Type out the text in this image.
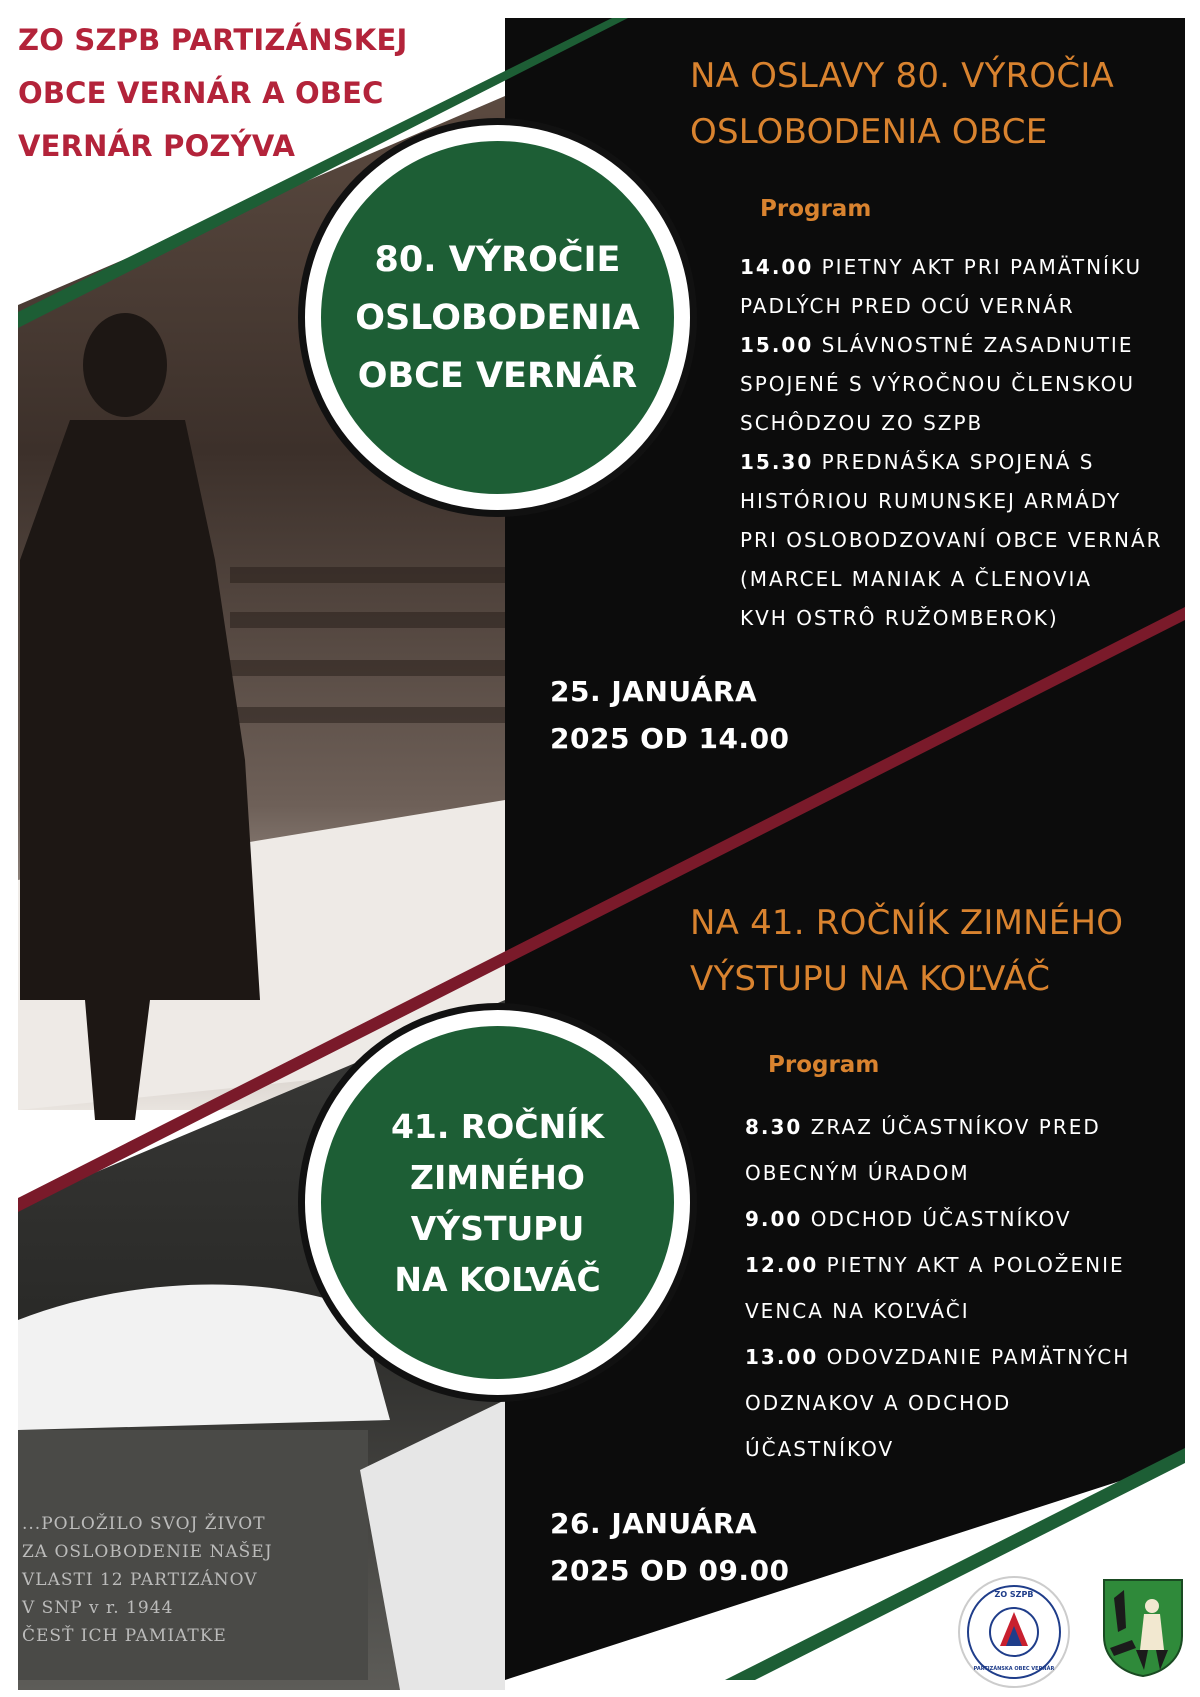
...POLOŽILO SVOJ ŽIVOT
ZA OSLOBODENIE NAŠEJ
VLASTI 12 PARTIZÁNOV
V SNP v r. 1944
ČESŤ ICH PAMIATKE
ZO SZPB PARTIZÁNSKEJ
OBCE VERNÁR A OBEC
VERNÁR POZÝVA
NA OSLAVY 80. VÝROČIA
OSLOBODENIA OBCE
80. VÝROČIE
OSLOBODENIA
OBCE VERNÁR
Program
14.00 PIETNY AKT PRI PAMÄTNÍKU
PADLÝCH PRED OCÚ VERNÁR
15.00 SLÁVNOSTNÉ ZASADNUTIE
SPOJENÉ S VÝROČNOU ČLENSKOU
SCHÔDZOU ZO SZPB
15.30 PREDNÁŠKA SPOJENÁ S
HISTÓRIOU RUMUNSKEJ ARMÁDY
PRI OSLOBODZOVANÍ OBCE VERNÁR
(MARCEL MANIAK A ČLENOVIA
KVH OSTRÔ RUŽOMBEROK)
25. JANUÁRA
2025 OD 14.00
NA 41. ROČNÍK ZIMNÉHO
VÝSTUPU NA KOĽVÁČ
41. ROČNÍK
ZIMNÉHO
VÝSTUPU
NA KOĽVÁČ
Program
8.30 ZRAZ ÚČASTNÍKOV PRED
OBECNÝM ÚRADOM
9.00 ODCHOD ÚČASTNÍKOV
12.00 PIETNY AKT A POLOŽENIE
VENCA NA KOĽVÁČI
13.00 ODOVZDANIE PAMÄTNÝCH
ODZNAKOV A ODCHOD
ÚČASTNÍKOV
26. JANUÁRA
2025 OD 09.00
ZO SZPB
PARTIZÁNSKA OBEC VERNÁR
